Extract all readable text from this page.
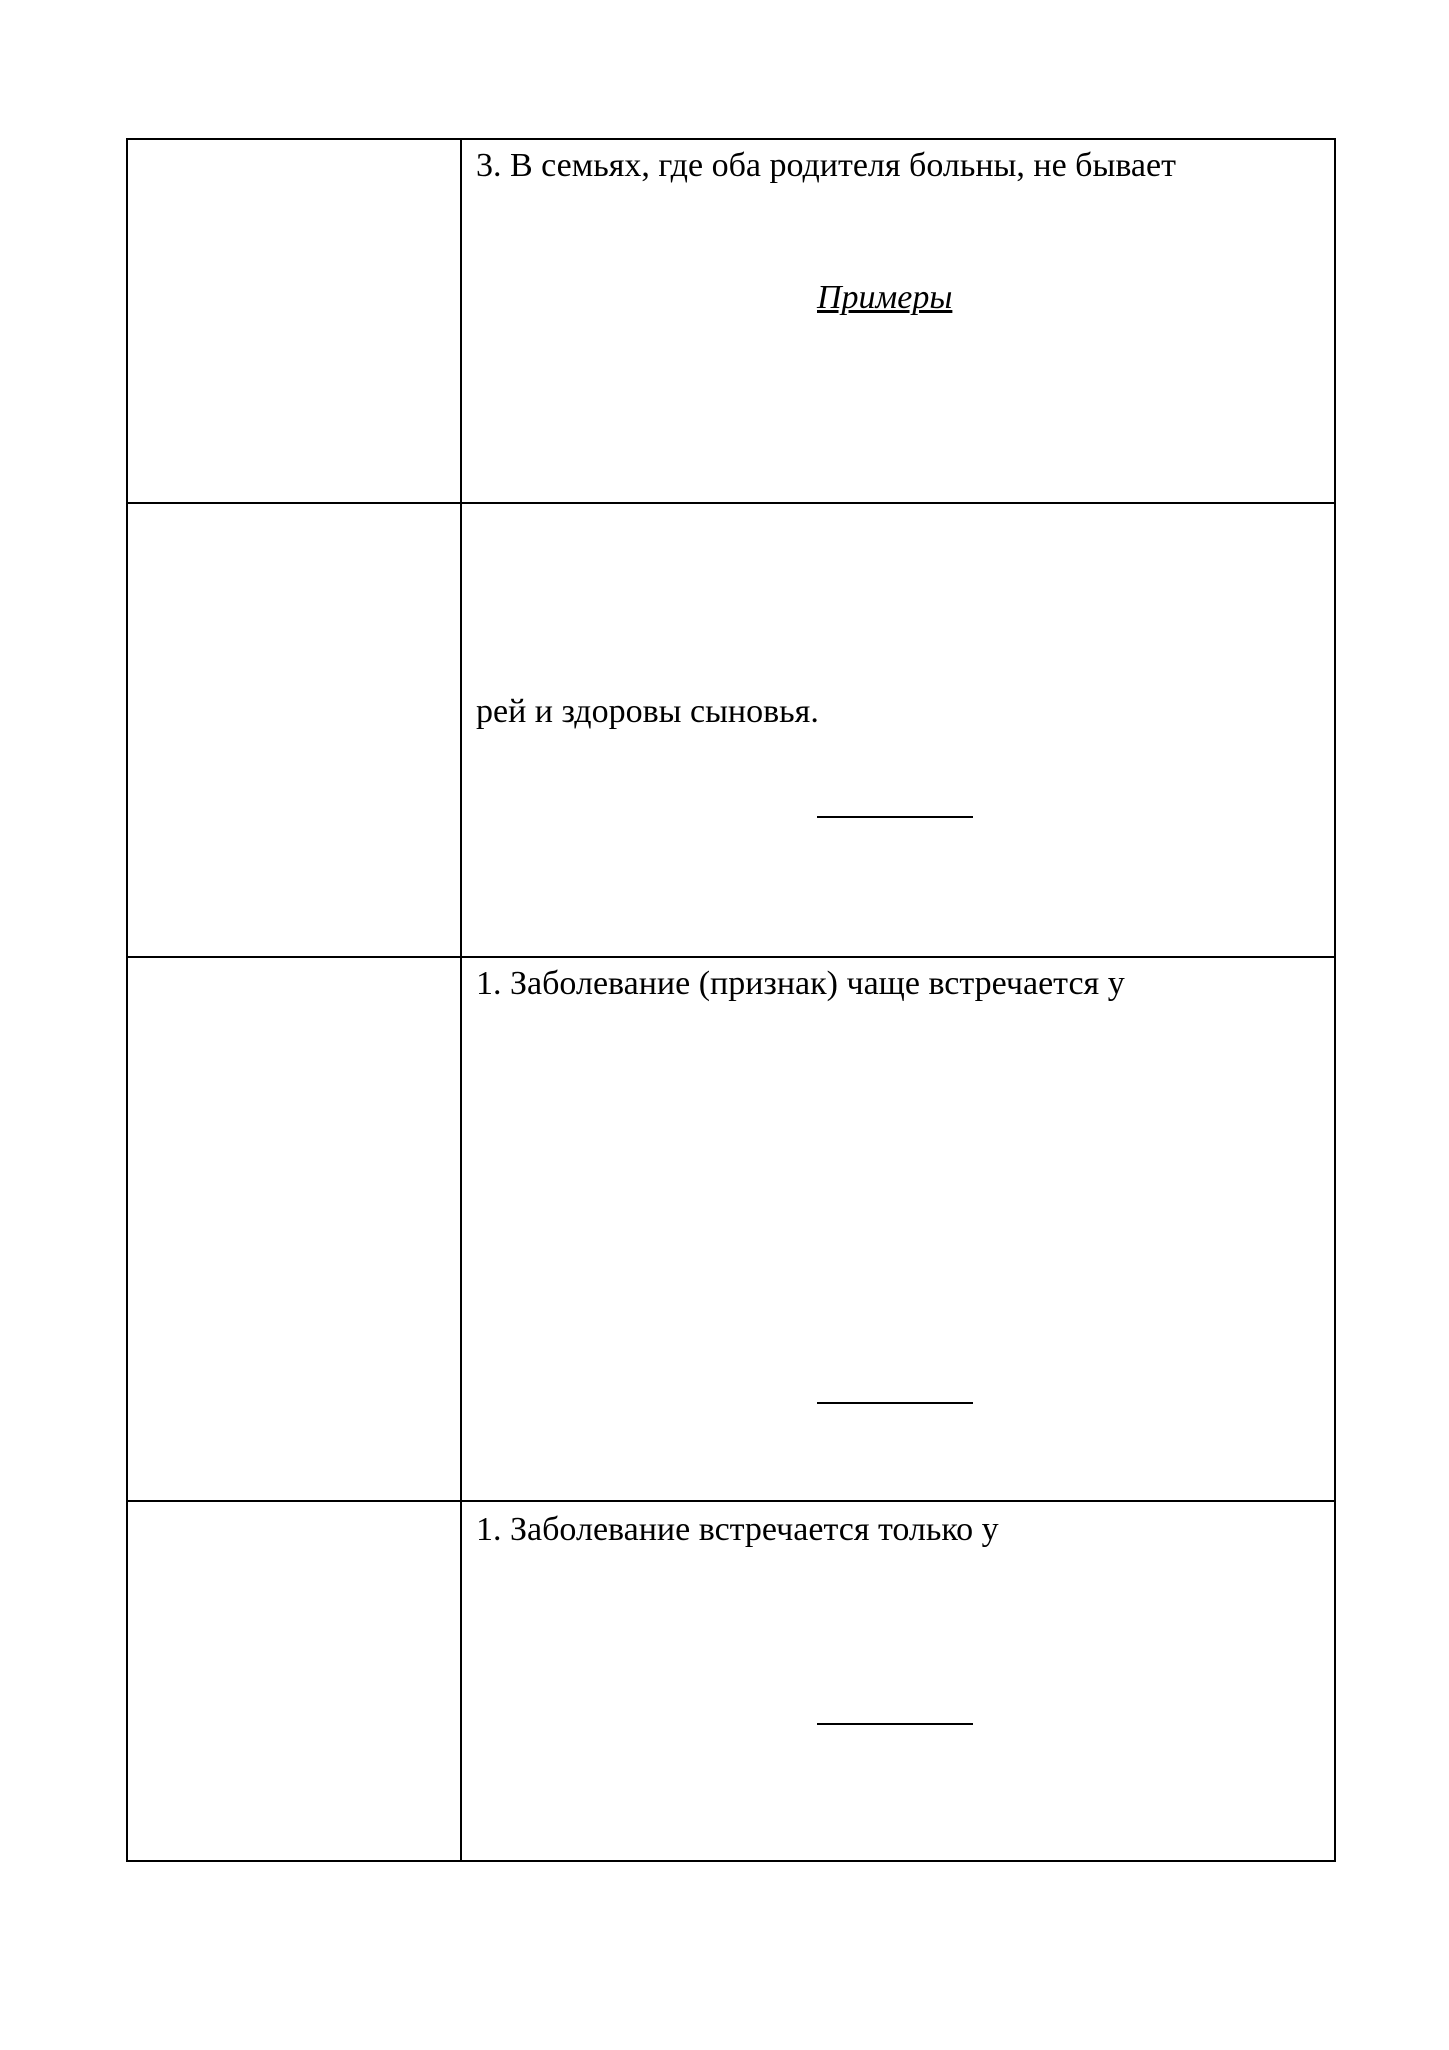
	3. В семьях, где оба родителя больны, не бывает
Примеры

	рей и здоровы сыновья.

	1. Заболевание (признак) чаще встречается у

	1. Заболевание встречается только у
